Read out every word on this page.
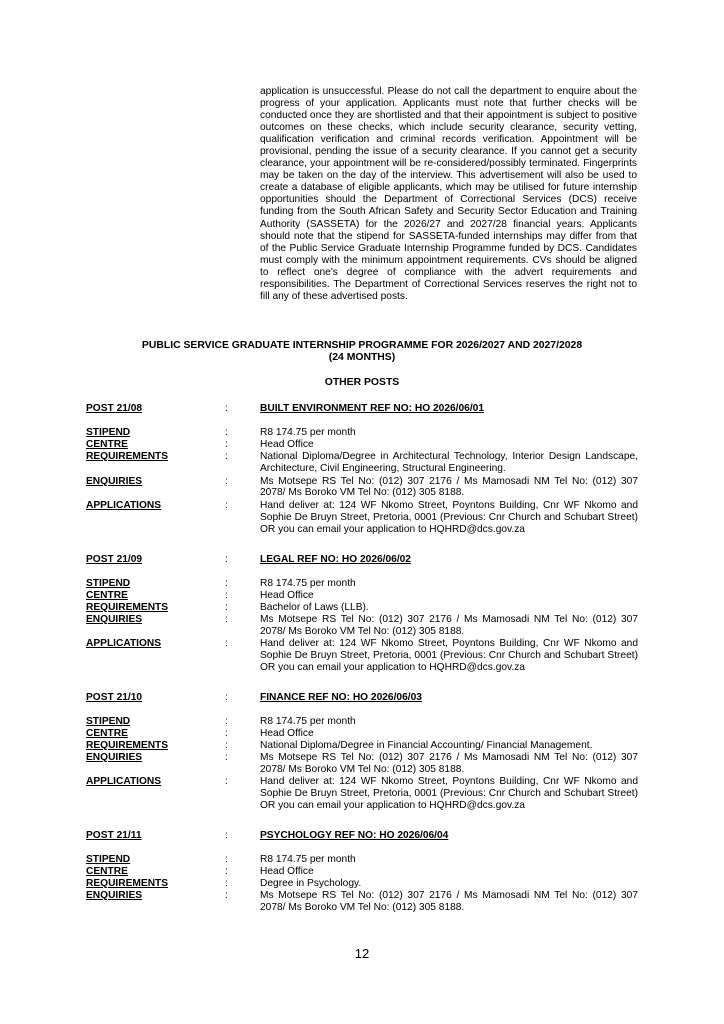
application is unsuccessful. Please do not call the department to enquire about the progress of your application. Applicants must note that further checks will be conducted once they are shortlisted and that their appointment is subject to positive outcomes on these checks, which include security clearance, security vetting, qualification verification and criminal records verification. Appointment will be provisional, pending the issue of a security clearance. If you cannot get a security clearance, your appointment will be re-considered/possibly terminated. Fingerprints may be taken on the day of the interview. This advertisement will also be used to create a database of eligible applicants, which may be utilised for future internship opportunities should the Department of Correctional Services (DCS) receive funding from the South African Safety and Security Sector Education and Training Authority (SASSETA) for the 2026/27 and 2027/28 financial years. Applicants should note that the stipend for SASSETA-funded internships may differ from that of the Public Service Graduate Internship Programme funded by DCS. Candidates must comply with the minimum appointment requirements. CVs should be aligned to reflect one's degree of compliance with the advert requirements and responsibilities. The Department of Correctional Services reserves the right not to fill any of these advertised posts.

PUBLIC SERVICE GRADUATE INTERNSHIP PROGRAMME FOR 2026/2027 AND 2027/2028
(24 MONTHS)

OTHER POSTS

POST 21/08	:	BUILT ENVIRONMENT REF NO: HO 2026/06/01
STIPEND	:	R8 174.75 per month
CENTRE	:	Head Office
REQUIREMENTS	:	National Diploma/Degree in Architectural Technology, Interior Design Landscape, Architecture, Civil Engineering, Structural Engineering.
ENQUIRIES	:	Ms Motsepe RS Tel No: (012) 307 2176 / Ms Mamosadi NM Tel No: (012) 307 2078/ Ms Boroko VM Tel No: (012) 305 8188.
APPLICATIONS	:	Hand deliver at: 124 WF Nkomo Street, Poyntons Building, Cnr WF Nkomo and Sophie De Bruyn Street, Pretoria, 0001 (Previous: Cnr Church and Schubart Street) OR you can email your application to HQHRD@dcs.gov.za
POST 21/09	:	LEGAL REF NO: HO 2026/06/02
STIPEND	:	R8 174.75 per month
CENTRE	:	Head Office
REQUIREMENTS	:	Bachelor of Laws (LLB).
ENQUIRIES	:	Ms Motsepe RS Tel No: (012) 307 2176 / Ms Mamosadi NM Tel No: (012) 307 2078/ Ms Boroko VM Tel No: (012) 305 8188.
APPLICATIONS	:	Hand deliver at: 124 WF Nkomo Street, Poyntons Building, Cnr WF Nkomo and Sophie De Bruyn Street, Pretoria, 0001 (Previous: Cnr Church and Schubart Street) OR you can email your application to HQHRD@dcs.gov.za
POST 21/10	:	FINANCE REF NO: HO 2026/06/03
STIPEND	:	R8 174.75 per month
CENTRE	:	Head Office
REQUIREMENTS	:	National Diploma/Degree in Financial Accounting/ Financial Management.
ENQUIRIES	:	Ms Motsepe RS Tel No: (012) 307 2176 / Ms Mamosadi NM Tel No: (012) 307 2078/ Ms Boroko VM Tel No: (012) 305 8188.
APPLICATIONS	:	Hand deliver at: 124 WF Nkomo Street, Poyntons Building, Cnr WF Nkomo and Sophie De Bruyn Street, Pretoria, 0001 (Previous: Cnr Church and Schubart Street) OR you can email your application to HQHRD@dcs.gov.za
POST 21/11	:	PSYCHOLOGY REF NO: HO 2026/06/04
STIPEND	:	R8 174.75 per month
CENTRE	:	Head Office
REQUIREMENTS	:	Degree in Psychology.
ENQUIRIES	:	Ms Motsepe RS Tel No: (012) 307 2176 / Ms Mamosadi NM Tel No: (012) 307 2078/ Ms Boroko VM Tel No: (012) 305 8188.
12
